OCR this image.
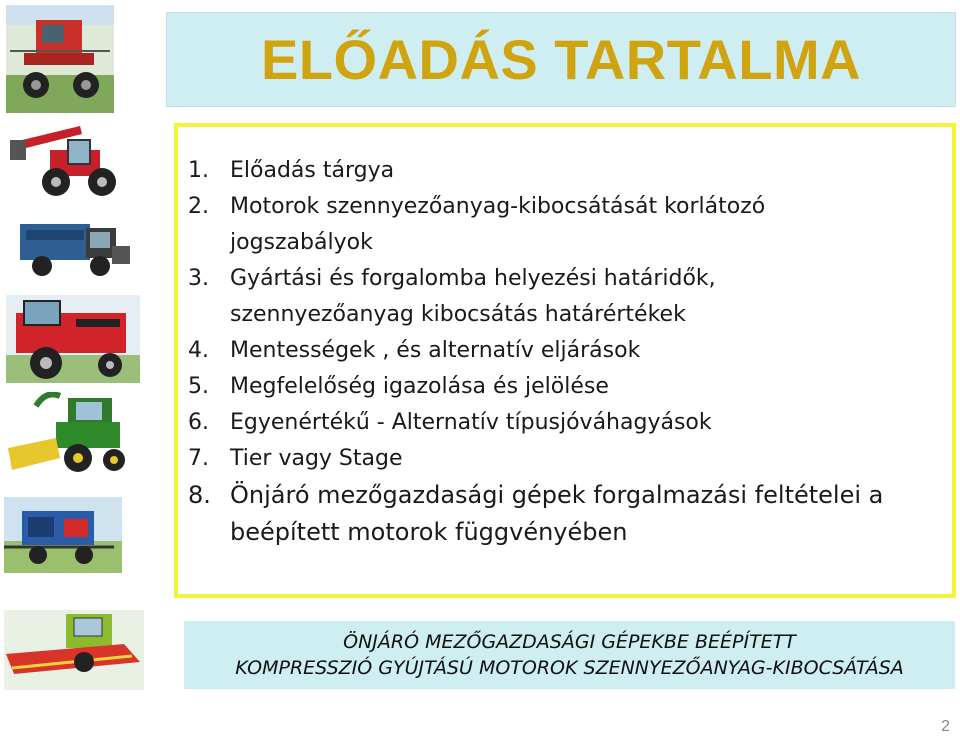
ELŐADÁS TARTALMA
1. Előadás tárgya
2. Motorok szennyezőanyag-kibocsátását korlátozó jogszabályok
3. Gyártási és forgalomba helyezési határidők, szennyezőanyag kibocsátás határértékek
4. Mentességek , és alternatív eljárások
5. Megfelelőség igazolása és jelölése
6. Egyenértékű - Alternatív típusjóváhagyások
7. Tier vagy Stage
8. Önjáró mezőgazdasági gépek forgalmazási feltételei a beépített motorok függvényében
ÖNJÁRÓ MEZŐGAZDASÁGI GÉPEKBE BEÉPÍTETT
KOMPRESSZIÓ GYÚJTÁSÚ MOTOROK SZENNYEZŐANYAG-KIBOCSÁTÁSA
2
